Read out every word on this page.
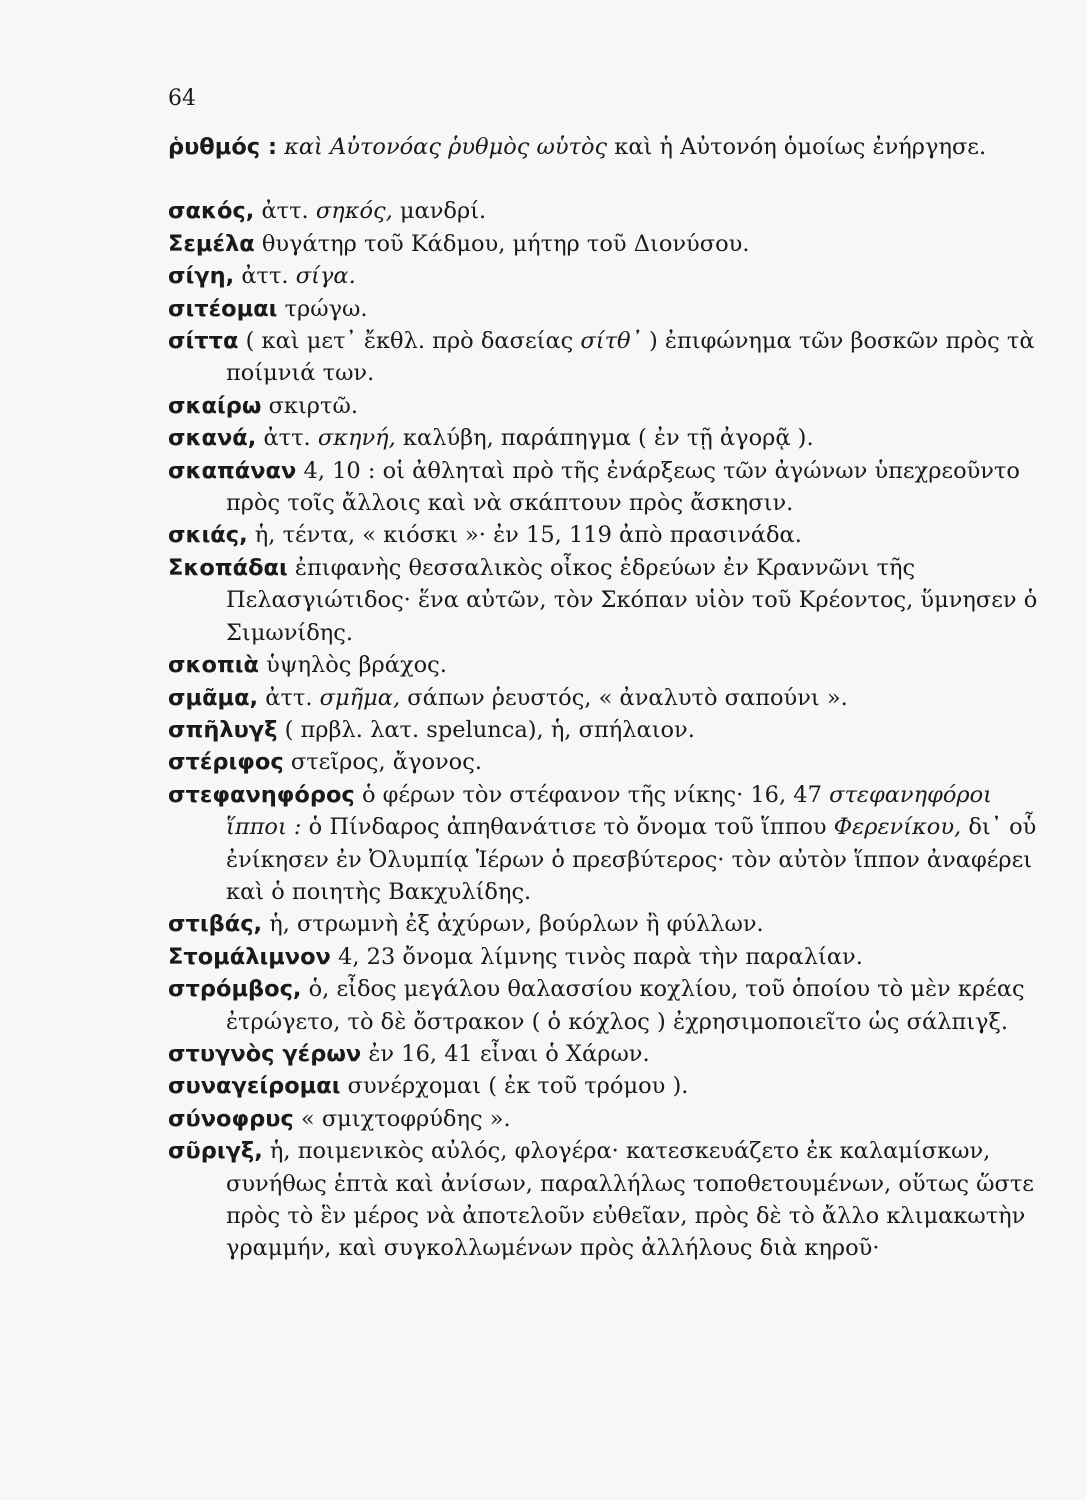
64

ῥυθμός : καὶ Αὐτονόας ῥυθμὸς ωὑτὸς καὶ ἡ Αὐτονόη ὁμοίως ἐνήργησε.

σακός, ἀττ. σηκός, μανδρί.

Σεμέλα θυγάτηρ τοῦ Κάδμου, μήτηρ τοῦ Διονύσου.

σίγη, ἀττ. σίγα.

σιτέομαι τρώγω.

σίττα ( καὶ μετ᾽ ἔκθλ. πρὸ δασείας σίτθ᾽ ) ἐπιφώνημα τῶν βοσκῶν πρὸς τὰ ποίμνιά των.

σκαίρω σκιρτῶ.

σκανά, ἀττ. σκηνή, καλύβη, παράπηγμα ( ἐν τῇ ἀγορᾷ ).

σκαπάναν 4, 10 : οἱ ἀθληταὶ πρὸ τῆς ἐνάρξεως τῶν ἀγώνων ὑπεχρεοῦντο πρὸς τοῖς ἄλλοις καὶ νὰ σκάπτουν πρὸς ἄσκησιν.

σκιάς, ἡ, τέντα, « κιόσκι »· ἐν 15, 119 ἀπὸ πρασινάδα.

Σκοπάδαι ἐπιφανὴς θεσσαλικὸς οἶκος ἑδρεύων ἐν Κραννῶνι τῆς Πελασγιώτιδος· ἕνα αὐτῶν, τὸν Σκόπαν υἱὸν τοῦ Κρέοντος, ὕμνησεν ὁ Σιμωνίδης.

σκοπιὰ ὑψηλὸς βράχος.

σμᾶμα, ἀττ. σμῆμα, σάπων ῥευστός, « ἀναλυτὸ σαπούνι ».

σπῆλυγξ ( πρβλ. λατ. spelunca), ἡ, σπήλαιον.

στέριφος στεῖρος, ἄγονος.

στεφανηφόρος ὁ φέρων τὸν στέφανον τῆς νίκης· 16, 47 στεφανηφόροι ἵπποι : ὁ Πίνδαρος ἀπηθανάτισε τὸ ὄνομα τοῦ ἵππου Φερενίκου, δι᾽ οὗ ἐνίκησεν ἐν Ὀλυμπίᾳ Ἱέρων ὁ πρεσβύτερος· τὸν αὐτὸν ἵππον ἀναφέρει καὶ ὁ ποιητὴς Βακχυλίδης.

στιβάς, ἡ, στρωμνὴ ἐξ ἀχύρων, βούρλων ἢ φύλλων.

Στομάλιμνον 4, 23 ὄνομα λίμνης τινὸς παρὰ τὴν παραλίαν.

στρόμβος, ὁ, εἶδος μεγάλου θαλασσίου κοχλίου, τοῦ ὁποίου τὸ μὲν κρέας ἐτρώγετο, τὸ δὲ ὄστρακον ( ὁ κόχλος ) ἐχρησιμοποιεῖτο ὡς σάλπιγξ.

στυγνὸς γέρων ἐν 16, 41 εἶναι ὁ Χάρων.

συναγείρομαι συνέρχομαι ( ἐκ τοῦ τρόμου ).

σύνοφρυς « σμιχτοφρύδης ».

σῦριγξ, ἡ, ποιμενικὸς αὐλός, φλογέρα· κατεσκευάζετο ἐκ καλαμίσκων, συνήθως ἑπτὰ καὶ ἀνίσων, παραλλήλως τοποθετουμένων, οὕτως ὥστε πρὸς τὸ ἓν μέρος νὰ ἀποτελοῦν εὐθεῖαν, πρὸς δὲ τὸ ἄλλο κλιμακωτὴν γραμμήν, καὶ συγκολλωμένων πρὸς ἀλλήλους διὰ κηροῦ·
